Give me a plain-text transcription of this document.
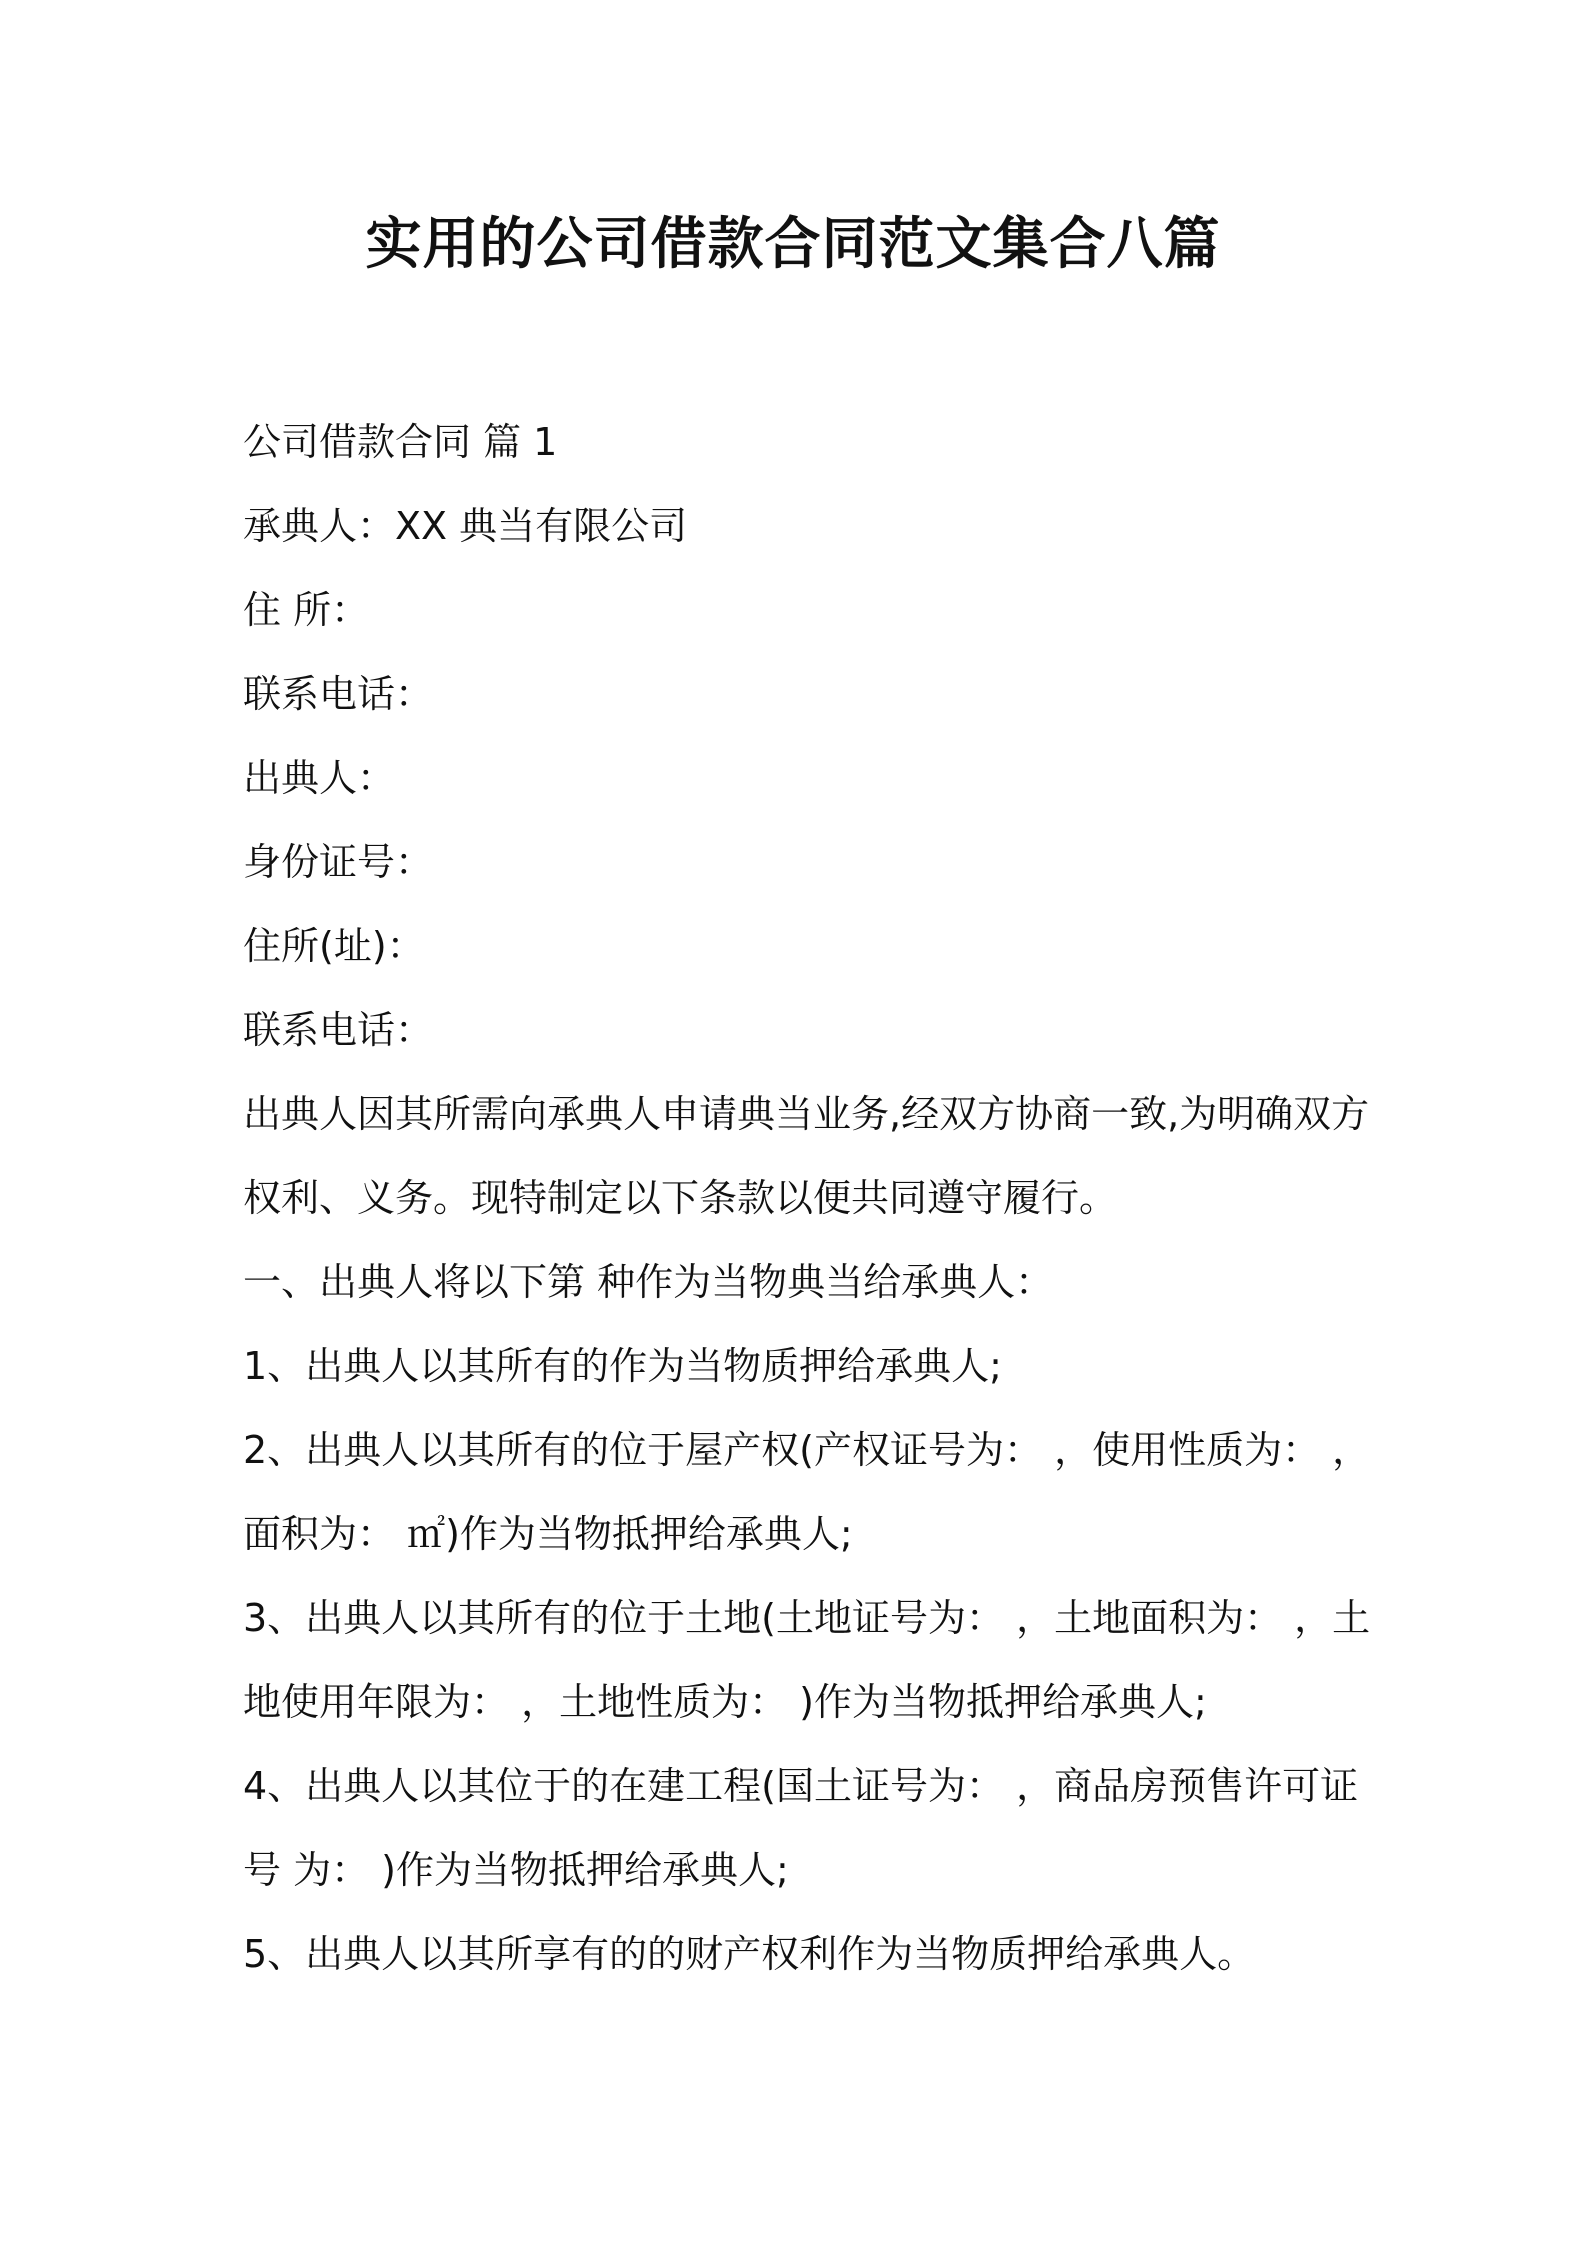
实用的公司借款合同范文集合八篇
公司借款合同 篇 1
承典人：XX 典当有限公司
住 所：
联系电话：
出典人：
身份证号：
住所(址)：
联系电话：
出典人因其所需向承典人申请典当业务,经双方协商一致,为明确双方
权利、义务。现特制定以下条款以便共同遵守履行。
一、出典人将以下第 种作为当物典当给承典人：
1、出典人以其所有的作为当物质押给承典人;
2、出典人以其所有的位于屋产权(产权证号为： ，使用性质为： ，
面积为： ㎡)作为当物抵押给承典人;
3、出典人以其所有的位于土地(土地证号为： ，土地面积为： ，土
地使用年限为： ，土地性质为： )作为当物抵押给承典人;
4、出典人以其位于的在建工程(国土证号为： ，商品房预售许可证
号 为： )作为当物抵押给承典人;
5、出典人以其所享有的的财产权利作为当物质押给承典人。
